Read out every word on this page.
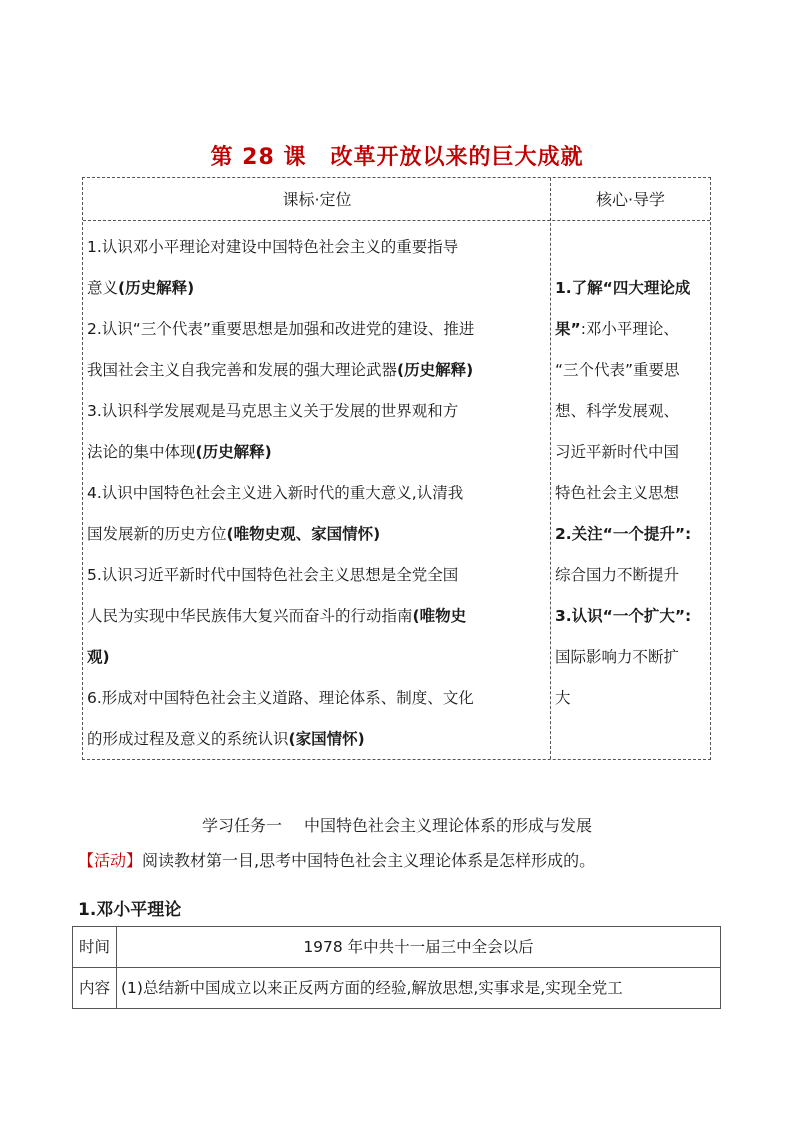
第 28 课 改革开放以来的巨大成就
课标·定位	核心·导学

1.认识邓小平理论对建设中国特色社会主义的重要指导

意义(历史解释)

2.认识“三个代表”重要思想是加强和改进党的建设、推进

我国社会主义自我完善和发展的强大理论武器(历史解释)

3.认识科学发展观是马克思主义关于发展的世界观和方

法论的集中体现(历史解释)

4.认识中国特色社会主义进入新时代的重大意义,认清我

国发展新的历史方位(唯物史观、家国情怀)

5.认识习近平新时代中国特色社会主义思想是全党全国

人民为实现中华民族伟大复兴而奋斗的行动指南(唯物史

观)

6.形成对中国特色社会主义道路、理论体系、制度、文化

的形成过程及意义的系统认识(家国情怀)

1.了解“四大理论成

果”:邓小平理论、

“三个代表”重要思

想、科学发展观、

习近平新时代中国

特色社会主义思想

2.关注“一个提升”:

综合国力不断提升

3.认识“一个扩大”:

国际影响力不断扩

大

学习任务一 中国特色社会主义理论体系的形成与发展
【活动】阅读教材第一目,思考中国特色社会主义理论体系是怎样形成的。
1.邓小平理论
时间	1978 年中共十一届三中全会以后
内容 (1)总结新中国成立以来正反两方面的经验,解放思想,实事求是,实现全党工
